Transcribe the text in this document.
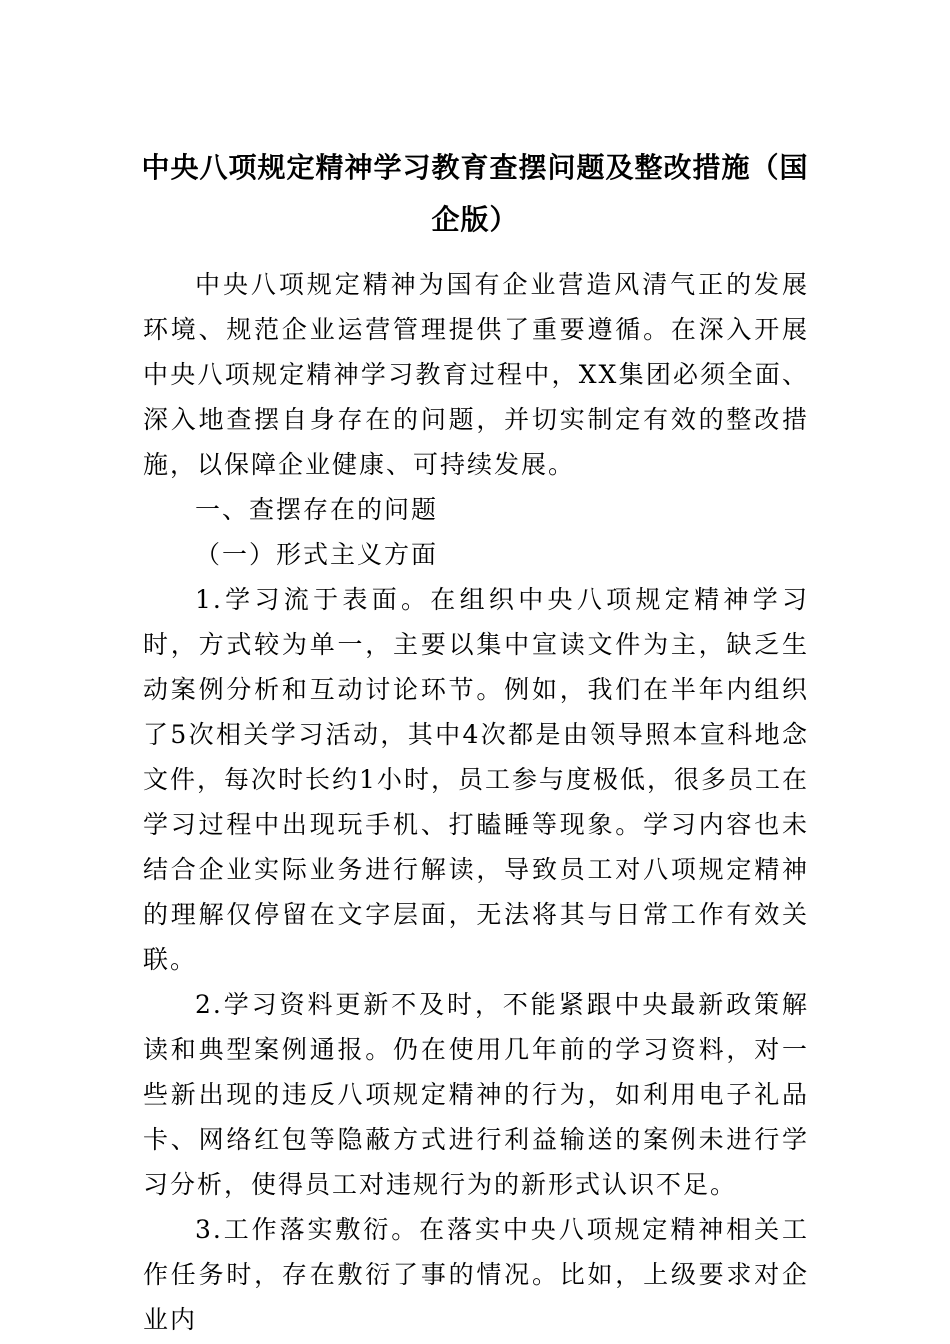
中央八项规定精神学习教育查摆问题及整改措施（国企版）

中央八项规定精神为国有企业营造风清气正的发展环境、规范企业运营管理提供了重要遵循。在深入开展中央八项规定精神学习教育过程中，XX集团必须全面、深入地查摆自身存在的问题，并切实制定有效的整改措施，以保障企业健康、可持续发展。

一、查摆存在的问题

（一）形式主义方面

1.学习流于表面。在组织中央八项规定精神学习时，方式较为单一，主要以集中宣读文件为主，缺乏生动案例分析和互动讨论环节。例如，我们在半年内组织了5次相关学习活动，其中4次都是由领导照本宣科地念文件，每次时长约1小时，员工参与度极低，很多员工在学习过程中出现玩手机、打瞌睡等现象。学习内容也未结合企业实际业务进行解读，导致员工对八项规定精神的理解仅停留在文字层面，无法将其与日常工作有效关联。

2.学习资料更新不及时，不能紧跟中央最新政策解读和典型案例通报。仍在使用几年前的学习资料，对一些新出现的违反八项规定精神的行为，如利用电子礼品卡、网络红包等隐蔽方式进行利益输送的案例未进行学习分析，使得员工对违规行为的新形式认识不足。

3.工作落实敷衍。在落实中央八项规定精神相关工作任务时，存在敷衍了事的情况。比如，上级要求对企业内
